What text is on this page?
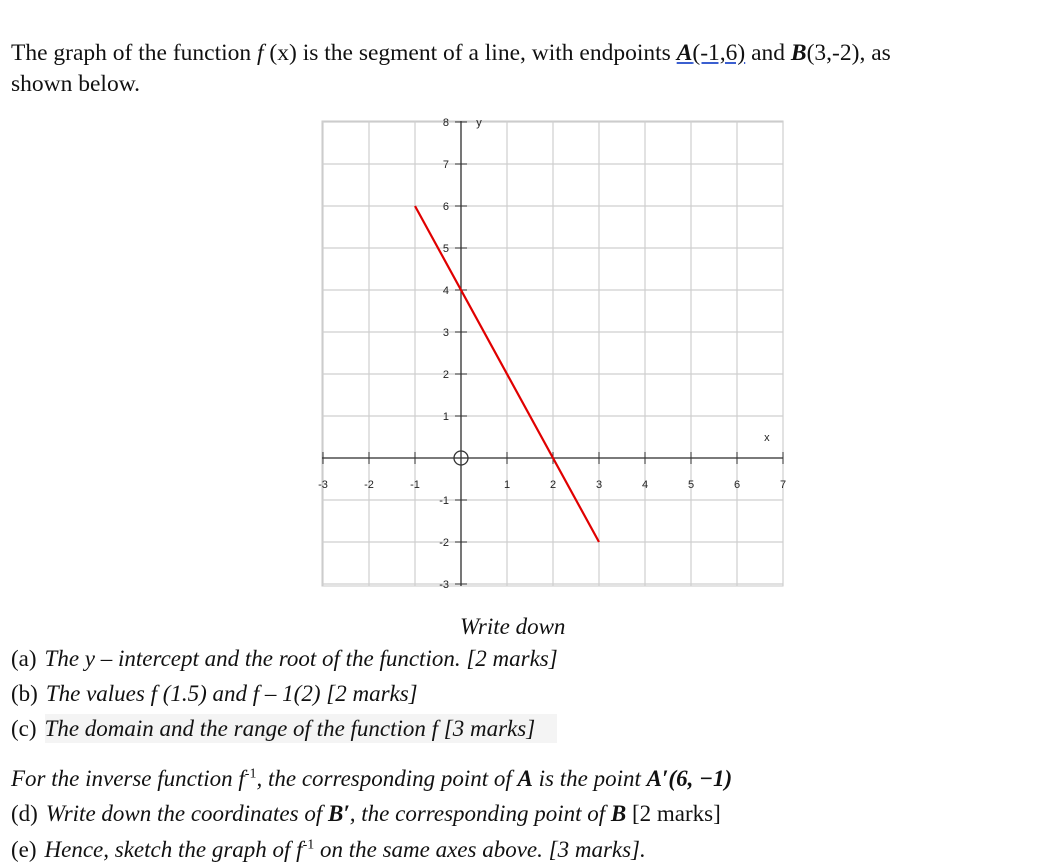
The graph of the function f (x) is the segment of a line, with endpoints A(-1,6) and B(3,-2), as
shown below.
-3	-2	-1	1	2	3	4	5	6	7
8
7
6
5
4
3
2
1
-1
-2
-3
x
y
Write down
(a) The y – intercept and the root of the function. [2 marks]
(b) The values f (1.5) and f – 1(2) [2 marks]
(c) The domain and the range of the function f [3 marks]
For the inverse function $f^{-1}$, the corresponding point of A is the point A′(6, −1)
(d) Write down the coordinates of B′, the corresponding point of B [2 marks]
(e) Hence, sketch the graph of $f^{-1}$ on the same axes above. [3 marks].
